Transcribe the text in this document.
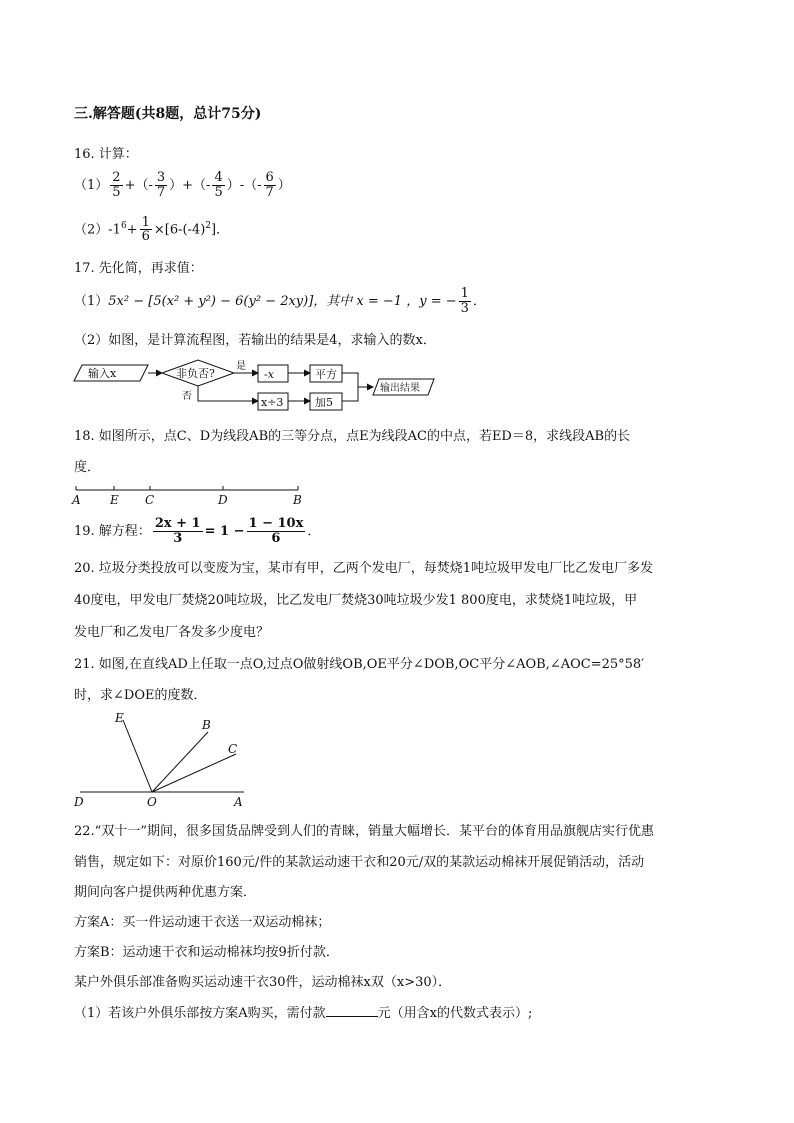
三.解答题(共8题，总计75分)
16. 计算：
$(1) \frac{2}{5}$ +（- $\frac{3}{7}$ ）+（- $\frac{4}{5}$ ）-（- $\frac{6}{7}$ ）
$(2)-1^6+ \frac{1}{6} \times[6-(-4)^2]$．
17. 先化简，再求值：
（1）5x² − [5(x² + y²) − 6(y² − 2xy)]，其中 x = −1 ，y = − $\frac{1}{3}$ ．
（2）如图，是计算流程图，若输出的结果是4，求输入的数x．
输入x	非负否?
是
否
-x	平方
x÷3	加5
输出结果
18. 如图所示，点C、D为线段AB的三等分点，点E为线段AC的中点，若ED＝8，求线段AB的长
度．
A E C	D	B
19. 解方程： $\frac{2x + 1}{3} = 1 - \frac{1 - 10x}{6}$ ．
20. 垃圾分类投放可以变废为宝，某市有甲，乙两个发电厂，每焚烧1吨垃圾甲发电厂比乙发电厂多发
40度电，甲发电厂焚烧20吨垃圾，比乙发电厂焚烧30吨垃圾少发1 800度电，求焚烧1吨垃圾，甲
发电厂和乙发电厂各发多少度电？
21. 如图,在直线AD上任取一点O,过点O做射线OB,OE平分∠DOB,OC平分∠AOB,∠AOC=25°58′
时，求∠DOE的度数．
E	B
C
D	O	A
22.“双十一”期间，很多国货品牌受到人们的青睐，销量大幅增长．某平台的体育用品旗舰店实行优惠
销售，规定如下：对原价160元/件的某款运动速干衣和20元/双的某款运动棉袜开展促销活动，活动
期间向客户提供两种优惠方案．
方案A：买一件运动速干衣送一双运动棉袜；
方案B：运动速干衣和运动棉袜均按9折付款．
某户外俱乐部准备购买运动速干衣30件，运动棉袜x双（x>30）．
（1）若该户外俱乐部按方案A购买，需付款	元（用含x的代数式表示）;
